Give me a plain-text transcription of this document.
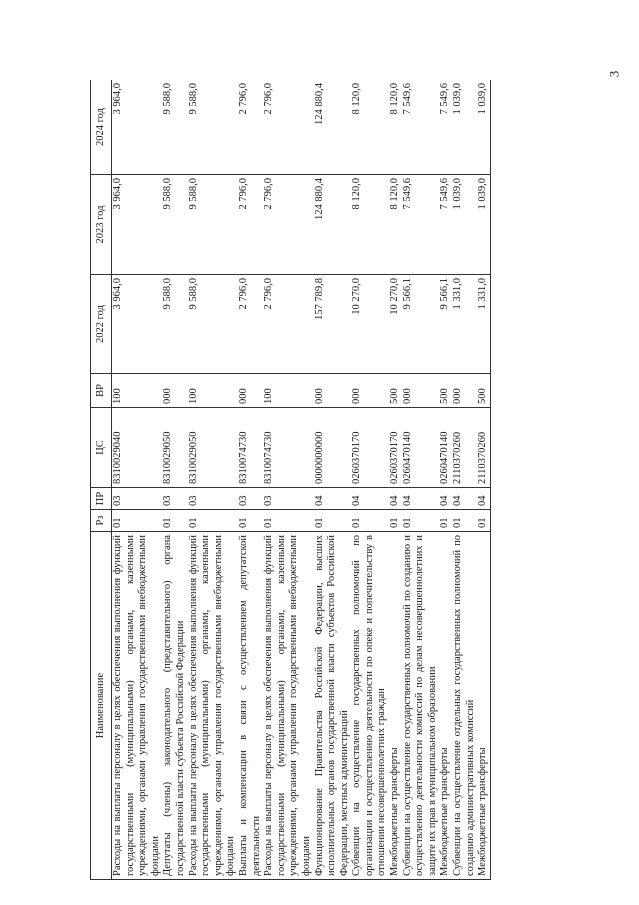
3
Наименование	Рз	ПР	ЦС	ВР	2022 год	2023 год	2024 год
Расходы на выплаты персоналу в целях обеспечения выполнения функций государственными (муниципальными) органами, казенными учреждениями, органами управления государственными внебюджетными фондами	01	03	8310029040	100	3 964,0	3 964,0	3 964,0
Депутаты (члены) законодательного (представительного) органа государственной власти субъекта Российской Федерации	01	03	8310029050	000	9 588,0	9 588,0	9 588,0
Расходы на выплаты персоналу в целях обеспечения выполнения функций государственными (муниципальными) органами, казенными учреждениями, органами управления государственными внебюджетными фондами	01	03	8310029050	100	9 588,0	9 588,0	9 588,0
Выплаты и компенсации в связи с осуществлением депутатской деятельности	01	03	8310074730	000	2 796,0	2 796,0	2 796,0
Расходы на выплаты персоналу в целях обеспечения выполнения функций государственными (муниципальными) органами, казенными учреждениями, органами управления государственными внебюджетными фондами	01	03	8310074730	100	2 796,0	2 796,0	2 796,0
Функционирование Правительства Российской Федерации, высших исполнительных органов государственной власти субъектов Российской Федерации, местных администраций	01	04	0000000000	000	157 789,8	124 880,4	124 880,4
Субвенции на осуществление государственных полномочий по организации и осуществлению деятельности по опеке и попечительству в отношении несовершеннолетних граждан	01	04	0260370170	000	10 270,0	8 120,0	8 120,0
Межбюджетные трансферты	01	04	0260370170	500	10 270,0	8 120,0	8 120,0
Субвенции на осуществление государственных полномочий по созданию и осуществлению деятельности комиссий по делам несовершеннолетних и защите их прав в муниципальном образовании	01	04	0260470140	000	9 566,1	7 549,6	7 549,6
Межбюджетные трансферты	01	04	0260470140	500	9 566,1	7 549,6	7 549,6
Субвенции на осуществление отдельных государственных полномочий по созданию административных комиссий	01	04	2110370260	000	1 331,0	1 039,0	1 039,0
Межбюджетные трансферты	01	04	2110370260	500	1 331,0	1 039,0	1 039,0
